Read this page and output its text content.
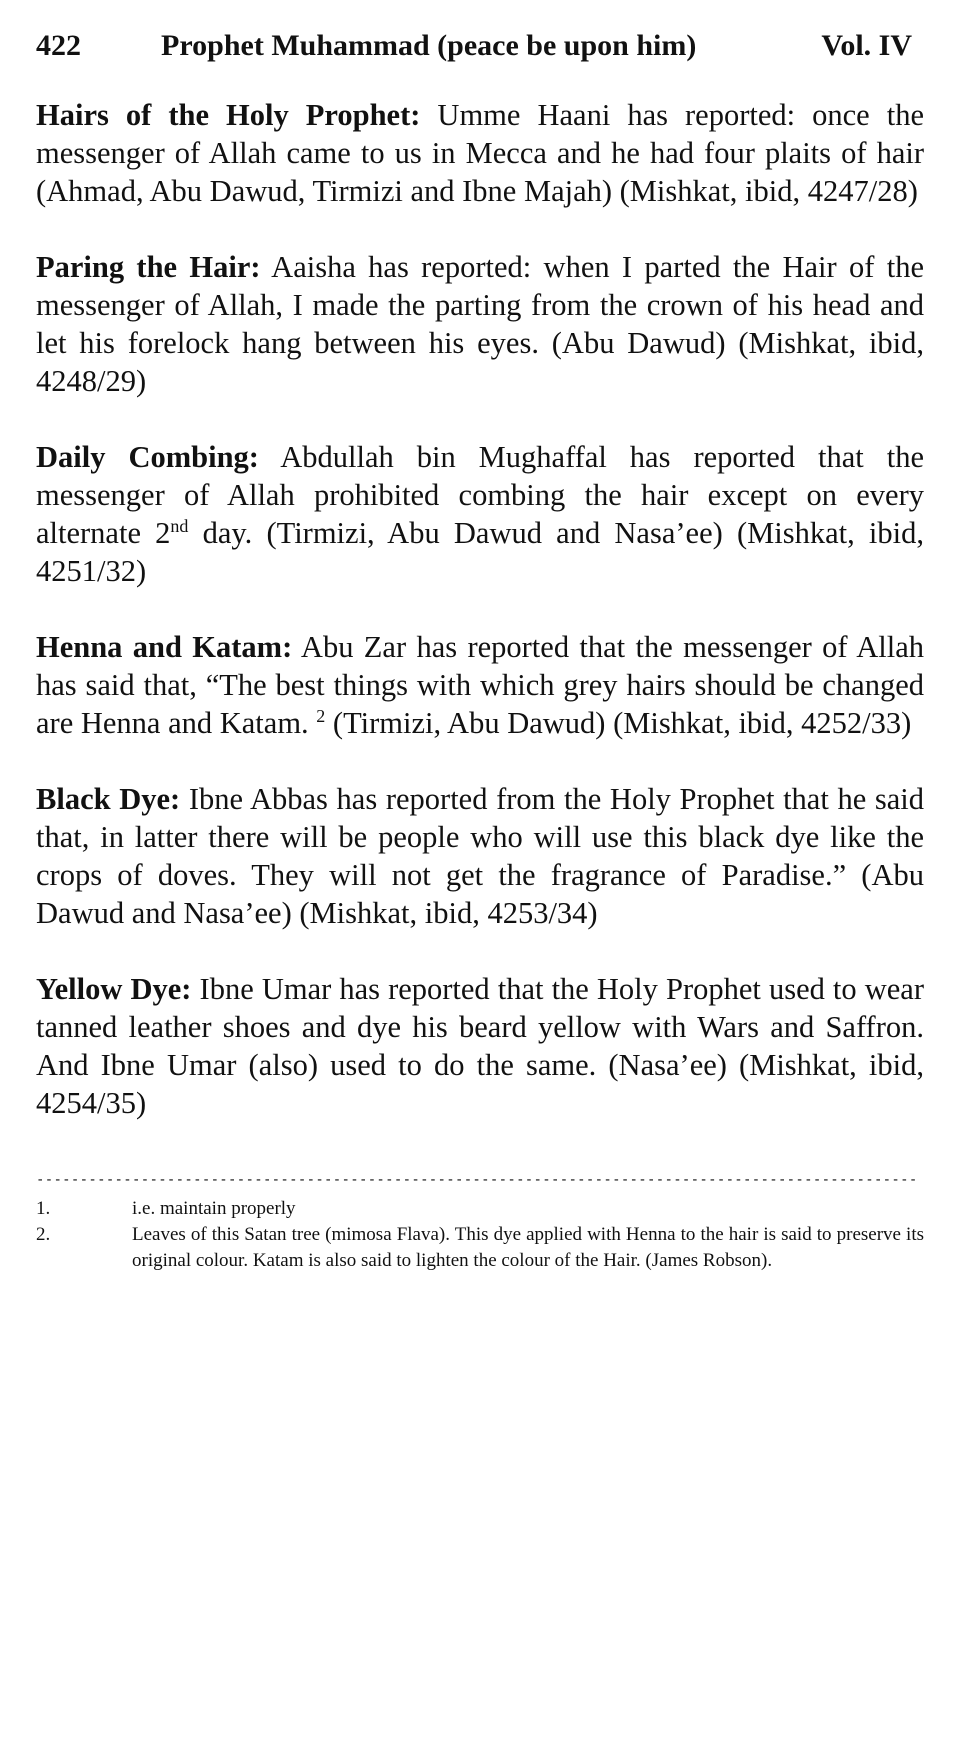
422	Prophet Muhammad (peace be upon him)	Vol. IV

Hairs of the Holy Prophet: Umme Haani has reported: once the messenger of Allah came to us in Mecca and he had four plaits of hair (Ahmad, Abu Dawud, Tirmizi and Ibne Majah) (Mishkat, ibid, 4247/28)

Paring the Hair: Aaisha has reported: when I parted the Hair of the messenger of Allah, I made the parting from the crown of his head and let his forelock hang between his eyes. (Abu Dawud) (Mishkat, ibid, 4248/29)

Daily Combing: Abdullah bin Mughaffal has reported that the messenger of Allah prohibited combing the hair except on every alternate 2nd day. (Tirmizi, Abu Dawud and Nasa’ee) (Mishkat, ibid, 4251/32)

Henna and Katam: Abu Zar has reported that the messenger of Allah has said that, “The best things with which grey hairs should be changed are Henna and Katam. $^2$ (Tirmizi, Abu Dawud) (Mishkat, ibid, 4252/33)

Black Dye: Ibne Abbas has reported from the Holy Prophet that he said that, in latter there will be people who will use this black dye like the crops of doves. They will not get the fragrance of Paradise.” (Abu Dawud and Nasa’ee) (Mishkat, ibid, 4253/34)

Yellow Dye: Ibne Umar has reported that the Holy Prophet used to wear tanned leather shoes and dye his beard yellow with Wars and Saffron. And Ibne Umar (also) used to do the same. (Nasa’ee) (Mishkat, ibid, 4254/35)

-----------------------------------------------------------------------------------------------------
1.	i.e. maintain properly
2.	Leaves of this Satan tree (mimosa Flava). This dye applied with Henna to the hair is said to preserve its original colour. Katam is also said to lighten the colour of the Hair. (James Robson).
